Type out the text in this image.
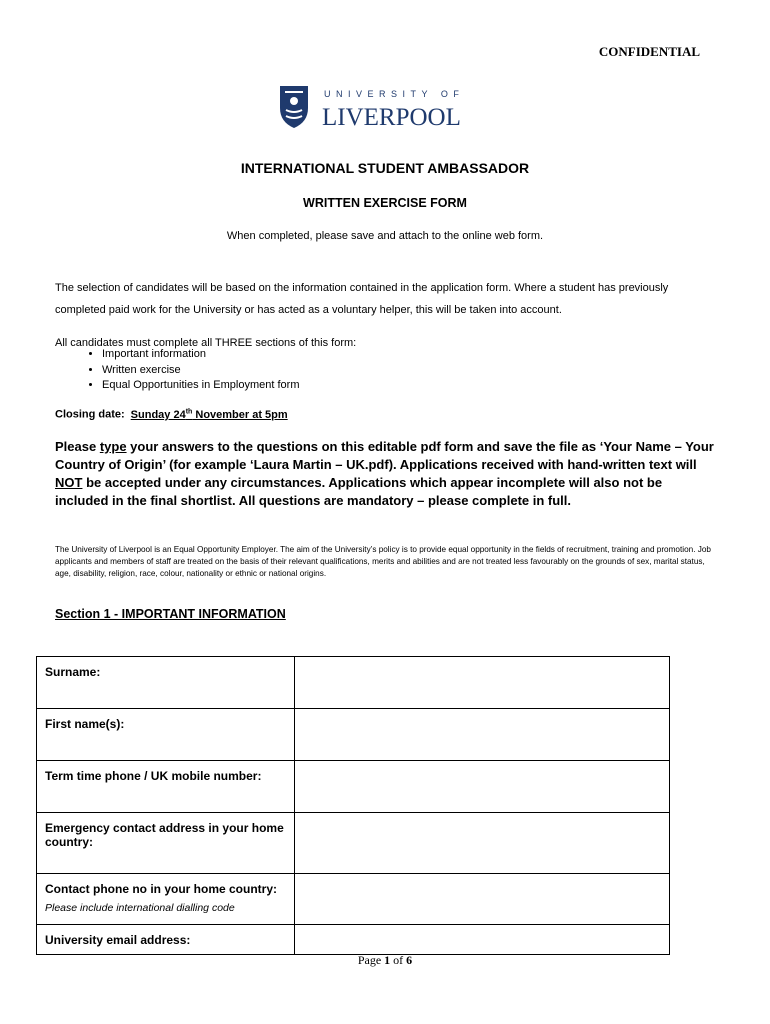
CONFIDENTIAL
UNIVERSITY OF
LIVERPOOL
INTERNATIONAL STUDENT AMBASSADOR
WRITTEN EXERCISE FORM
When completed, please save and attach to the online web form.
The selection of candidates will be based on the information contained in the application form. Where a student has previously completed paid work for the University or has acted as a voluntary helper, this will be taken into account.
All candidates must complete all THREE sections of this form:
• Important information
• Written exercise
• Equal Opportunities in Employment form
Closing date: Sunday 24th November at 5pm
Please type your answers to the questions on this editable pdf form and save the file as ‘Your Name – Your Country of Origin’ (for example ‘Laura Martin – UK.pdf). Applications received with hand-written text will NOT be accepted under any circumstances. Applications which appear incomplete will also not be included in the final shortlist. All questions are mandatory – please complete in full.
The University of Liverpool is an Equal Opportunity Employer. The aim of the University’s policy is to provide equal opportunity in the fields of recruitment, training and promotion. Job applicants and members of staff are treated on the basis of their relevant qualifications, merits and abilities and are not treated less favourably on the grounds of sex, marital status, age, disability, religion, race, colour, nationality or ethnic or national origins.
Section 1 - IMPORTANT INFORMATION
Surname:	
First name(s):	
Term time phone / UK mobile number:	
Emergency contact address in your home country:	
Contact phone no in your home country:
Please include international dialling code	

University email address:	
Page 1 of 6
